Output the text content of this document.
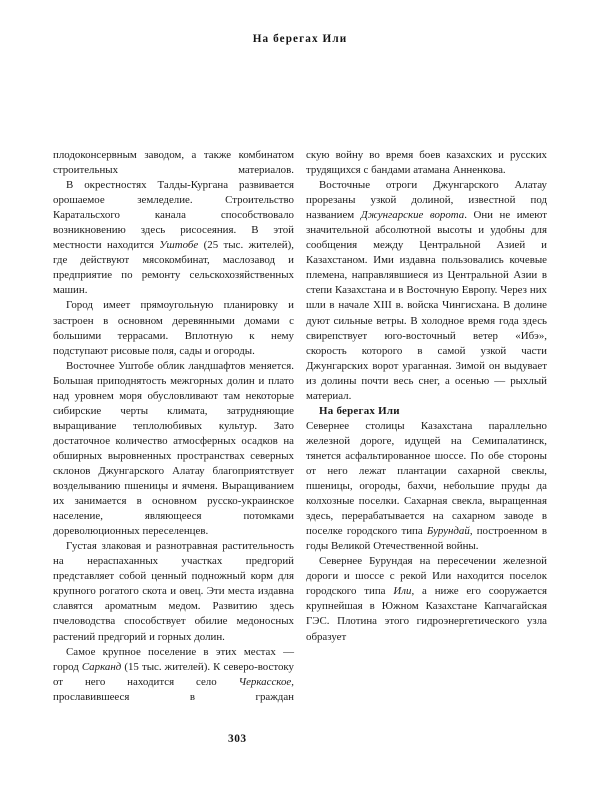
На берегах Или

плодоконсервным заводом, а также комбинатом строительных материалов.

В окрестностях Талды-Кургана развивается орошаемое земледелие. Строительство Каратальсхого канала способствовало возникновению здесь рисосеяния. В этой местности находится Уштобе (25 тыс. жителей), где действуют мясокомбинат, маслозавод и предприятие по ремонту сельскохозяйственных машин.

Город имеет прямоугольную планировку и застроен в основном деревянными домами с большими террасами. Вплотную к нему подступают рисовые поля, сады и огороды.

Восточнее Уштобе облик ландшафтов меняется. Большая приподнятость межгорных долин и плато над уровнем моря обусловливают там некоторые сибирские черты климата, затрудняющие выращивание теплолюбивых культур. Зато достаточное количество атмосферных осадков на обширных выровненных пространствах северных склонов Джунгарского Алатау благоприятствует возделыванию пшеницы и ячменя. Выращиванием их занимается в основном русско-украинское население, являющееся потомками дореволюционных переселенцев.

Густая злаковая и разнотравная растительность на нераспаханных участках предгорий представляет собой ценный подножный корм для крупного рогатого скота и овец. Эти места издавна славятся ароматным медом. Развитию здесь пчеловодства способствует обилие медоносных растений предгорий и горных долин.

Самое крупное поселение в этих местах — город Сарканд (15 тыс. жителей). К северо-востоку от него находится село Черкасское, прославившееся в граждан

скую войну во время боев казахских и русских трудящихся с бандами атамана Анненкова.

Восточные отроги Джунгарского Алатау прорезаны узкой долиной, известной под названием Джунгарские ворота. Они не имеют значительной абсолютной высоты и удобны для сообщения между Центральной Азией и Казахстаном. Ими издавна пользовались кочевые племена, направлявшиеся из Центральной Азии в степи Казахстана и в Восточную Европу. Через них шли в начале XIII в. войска Чингисхана. В долине дуют сильные ветры. В холодное время года здесь свирепствует юго-восточный ветер «Ибэ», скорость которого в самой узкой части Джунгарских ворот ураганная. Зимой он выдувает из долины почти весь снег, а осенью — рыхлый материал.

На берегах Или

Севернее столицы Казахстана параллельно железной дороге, идущей на Семипалатинск, тянется асфальтированное шоссе. По обе стороны от него лежат плантации сахарной свеклы, пшеницы, огороды, бахчи, небольшие пруды да колхозные поселки. Сахарная свекла, выращенная здесь, перерабатывается на сахарном заводе в поселке городского типа Бурундай, построенном в годы Великой Отечественной войны.

Севернее Бурундая на пересечении железной дороги и шоссе с рекой Или находится поселок городского типа Или, а ниже его сооружается крупнейшая в Южном Казахстане Капчагайская ГЭС. Плотина этого гидроэнергетического узла образует

303
